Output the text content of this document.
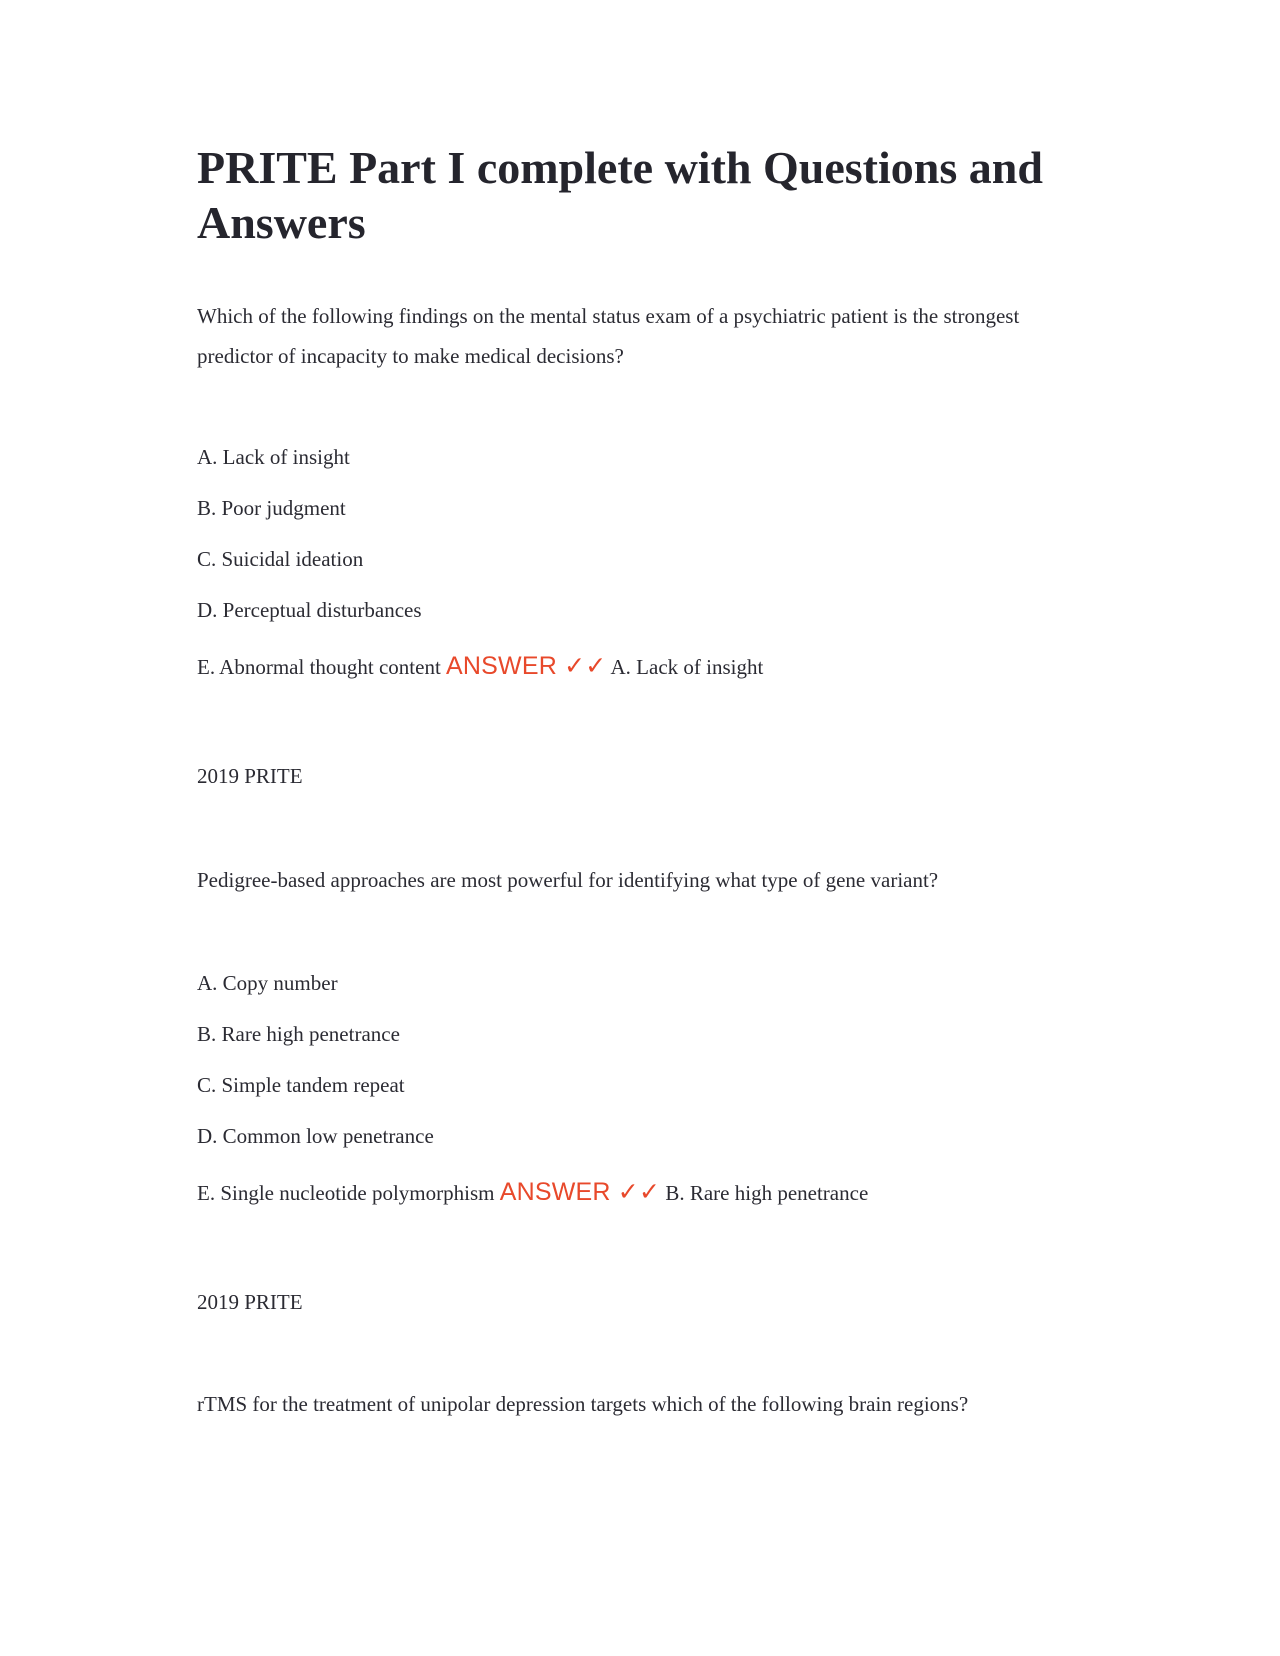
PRITE Part I complete with Questions and Answers

Which of the following findings on the mental status exam of a psychiatric patient is the strongest predictor of incapacity to make medical decisions?

A. Lack of insight

B. Poor judgment

C. Suicidal ideation

D. Perceptual disturbances

E. Abnormal thought content ANSWER ✓✓ A. Lack of insight

2019 PRITE

Pedigree-based approaches are most powerful for identifying what type of gene variant?

A. Copy number

B. Rare high penetrance

C. Simple tandem repeat

D. Common low penetrance

E. Single nucleotide polymorphism ANSWER ✓✓ B. Rare high penetrance

2019 PRITE

rTMS for the treatment of unipolar depression targets which of the following brain regions?
